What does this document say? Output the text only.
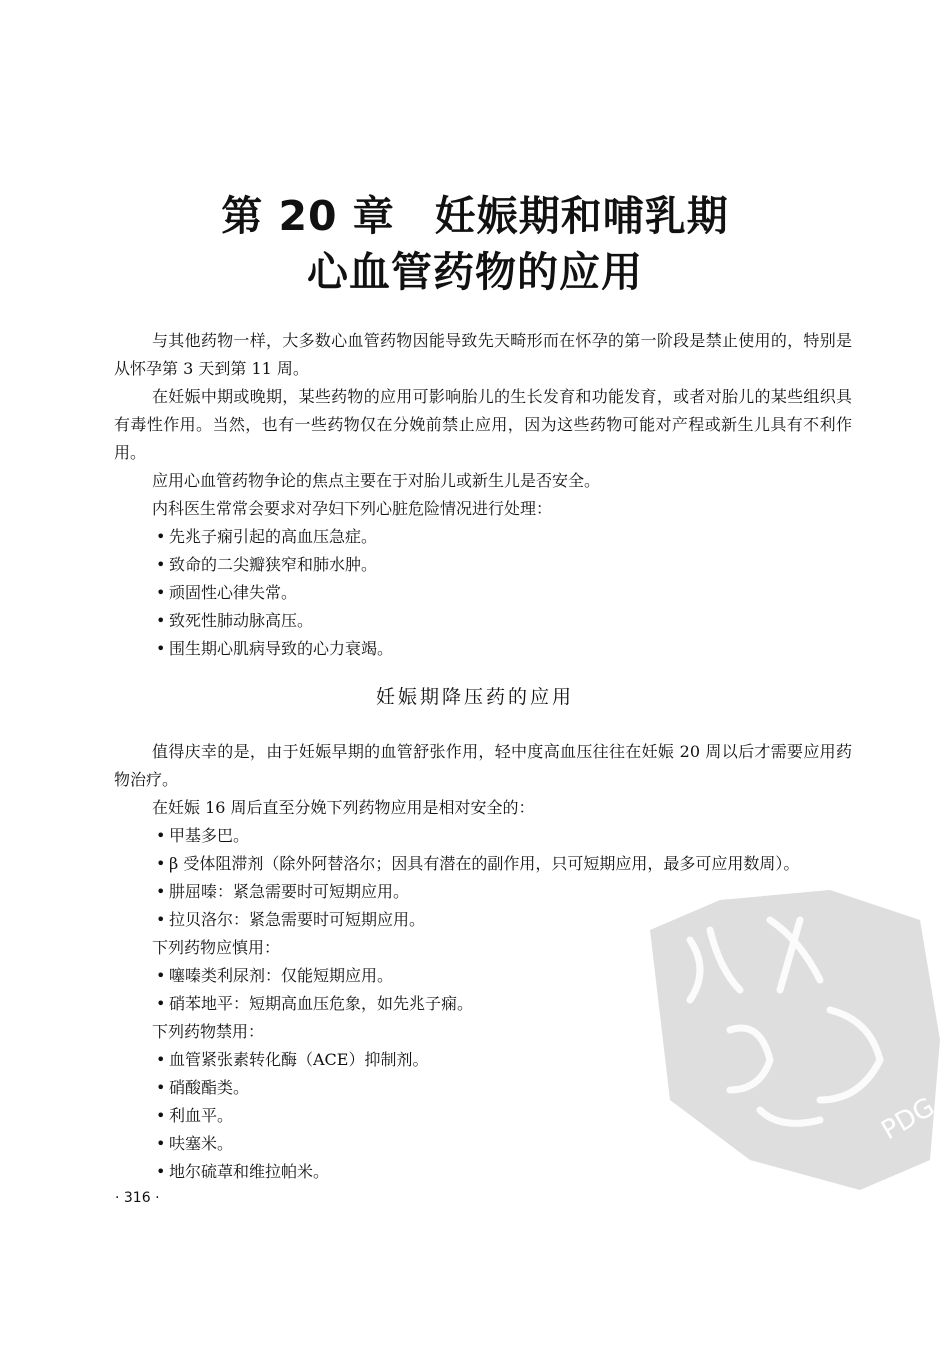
第 20 章 妊娠期和哺乳期
心血管药物的应用

与其他药物一样，大多数心血管药物因能导致先天畸形而在怀孕的第一阶段是禁止使用的，特别是从怀孕第 3 天到第 11 周。

在妊娠中期或晚期，某些药物的应用可影响胎儿的生长发育和功能发育，或者对胎儿的某些组织具有毒性作用。当然，也有一些药物仅在分娩前禁止应用，因为这些药物可能对产程或新生儿具有不利作用。

应用心血管药物争论的焦点主要在于对胎儿或新生儿是否安全。

内科医生常常会要求对孕妇下列心脏危险情况进行处理：

• 先兆子痫引起的高血压急症。

• 致命的二尖瓣狭窄和肺水肿。

• 顽固性心律失常。

• 致死性肺动脉高压。

• 围生期心肌病导致的心力衰竭。

妊娠期降压药的应用

值得庆幸的是，由于妊娠早期的血管舒张作用，轻中度高血压往往在妊娠 20 周以后才需要应用药物治疗。

在妊娠 16 周后直至分娩下列药物应用是相对安全的：

• 甲基多巴。

• β 受体阻滞剂（除外阿替洛尔；因具有潜在的副作用，只可短期应用，最多可应用数周）。

• 肼屈嗪：紧急需要时可短期应用。

• 拉贝洛尔：紧急需要时可短期应用。

下列药物应慎用：

• 噻嗪类利尿剂：仅能短期应用。

• 硝苯地平：短期高血压危象，如先兆子痫。

下列药物禁用：

• 血管紧张素转化酶（ACE）抑制剂。

• 硝酸酯类。

• 利血平。

• 呋塞米。

• 地尔硫䓬和维拉帕米。

· 316 ·
PDG
